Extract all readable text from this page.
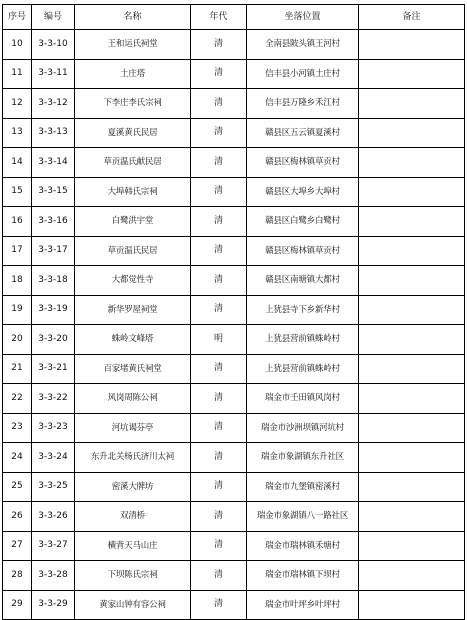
序号	编号	名称	年代	坐落位置	备注
10	3-3-10	王和运氏祠堂	清	全南县陂头镇王河村	
11	3-3-11	土庄塔	清	信丰县小河镇土庄村	
12	3-3-12	下李庄李氏宗祠	清	信丰县万隆乡禾江村	
13	3-3-13	夏溪黄氏民居	清	赣县区五云镇夏溪村	
14	3-3-14	草贡温氏献民居	清	赣县区梅林镇草贡村	
15	3-3-15	大埠韩氏宗祠	清	赣县区大埠乡大埠村	
16	3-3-16	白鹭洪宇堂	清	赣县区白鹭乡白鹭村	
17	3-3-17	草贡温氏民居	清	赣县区梅林镇草贡村	
18	3-3-18	大都觉性寺	清	赣县区南塘镇大都村	
19	3-3-19	新华罗屋祠堂	清	上犹县寺下乡新华村	
20	3-3-20	蛛岭文峰塔	明	上犹县营前镇蛛岭村	
21	3-3-21	百家堵黄氏祠堂	清	上犹县营前镇蛛岭村	
22	3-3-22	风岗周陈公祠	清	瑞金市壬田镇风岗村	
23	3-3-23	河坑谒芬亭	清	瑞金市沙洲坝镇河坑村	
24	3-3-24	东升北关杨氏济川太祠	清	瑞金市象湖镇东升社区	
25	3-3-25	密溪大牌坊	清	瑞金市九堡镇密溪村	
26	3-3-26	双清桥	清	瑞金市象湖镇八一路社区	
27	3-3-27	横背天马山庄	清	瑞金市瑞林镇禾塘村	
28	3-3-28	下坝陈氏宗祠	清	瑞金市瑞林镇下坝村	
29	3-3-29	黄家山钟有容公祠	清	瑞金市叶坪乡叶坪村	
